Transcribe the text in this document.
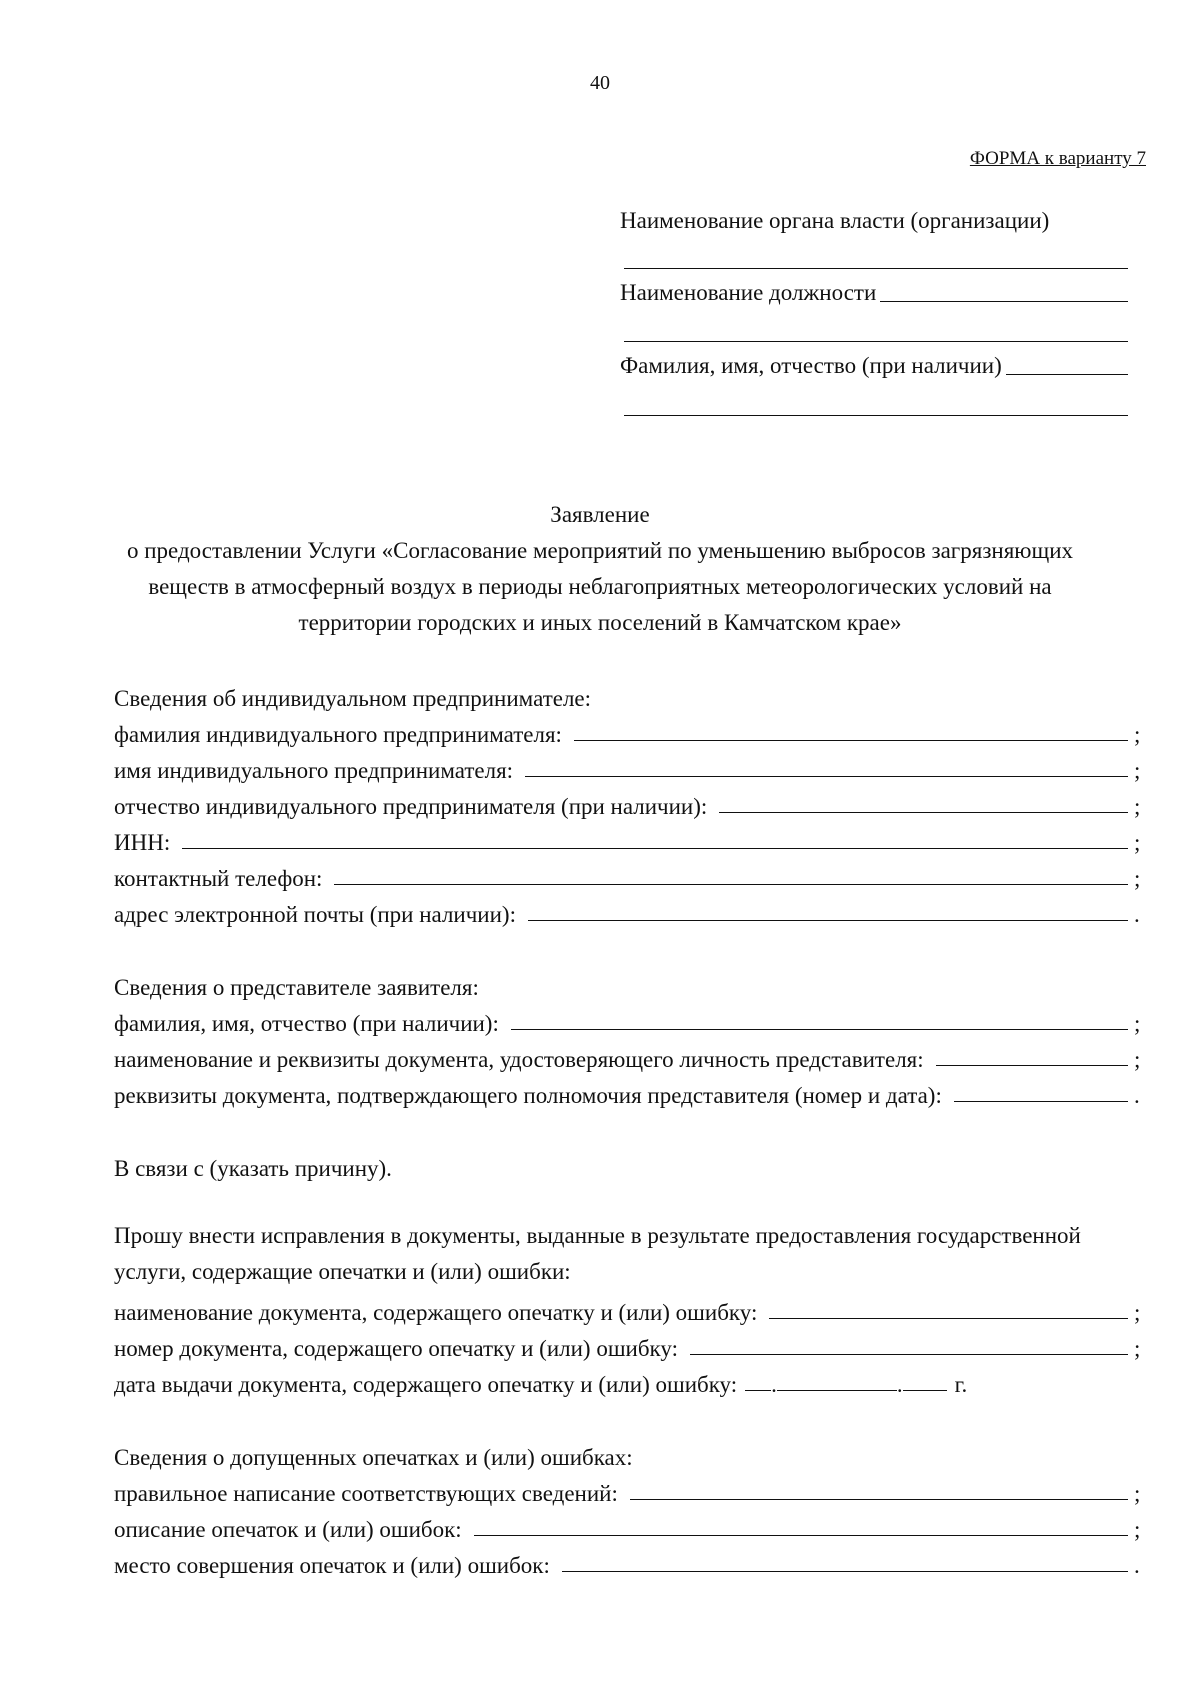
40
ФОРМА к варианту 7
Наименование органа власти (организации)
Наименование должности
Фамилия, имя, отчество (при наличии)
Заявление
о предоставлении Услуги «Согласование мероприятий по уменьшению выбросов загрязняющих веществ в атмосферный воздух в периоды неблагоприятных метеорологических условий на территории городских и иных поселений в Камчатском крае»
Сведения об индивидуальном предпринимателе:
фамилия индивидуального предпринимателя:	;
имя индивидуального предпринимателя:	;
отчество индивидуального предпринимателя (при наличии):	;
ИНН:	;
контактный телефон:	;
адрес электронной почты (при наличии):	.
Сведения о представителе заявителя:
фамилия, имя, отчество (при наличии):	;
наименование и реквизиты документа, удостоверяющего личность представителя:	;
реквизиты документа, подтверждающего полномочия представителя (номер и дата):	.
В связи с (указать причину).
Прошу внести исправления в документы, выданные в результате предоставления государственной услуги, содержащие опечатки и (или) ошибки:
наименование документа, содержащего опечатку и (или) ошибку:	;
номер документа, содержащего опечатку и (или) ошибку:	;
дата выдачи документа, содержащего опечатку и (или) ошибку: .	. г.
Сведения о допущенных опечатках и (или) ошибках:
правильное написание соответствующих сведений:	;
описание опечаток и (или) ошибок:	;
место совершения опечаток и (или) ошибок:	.
